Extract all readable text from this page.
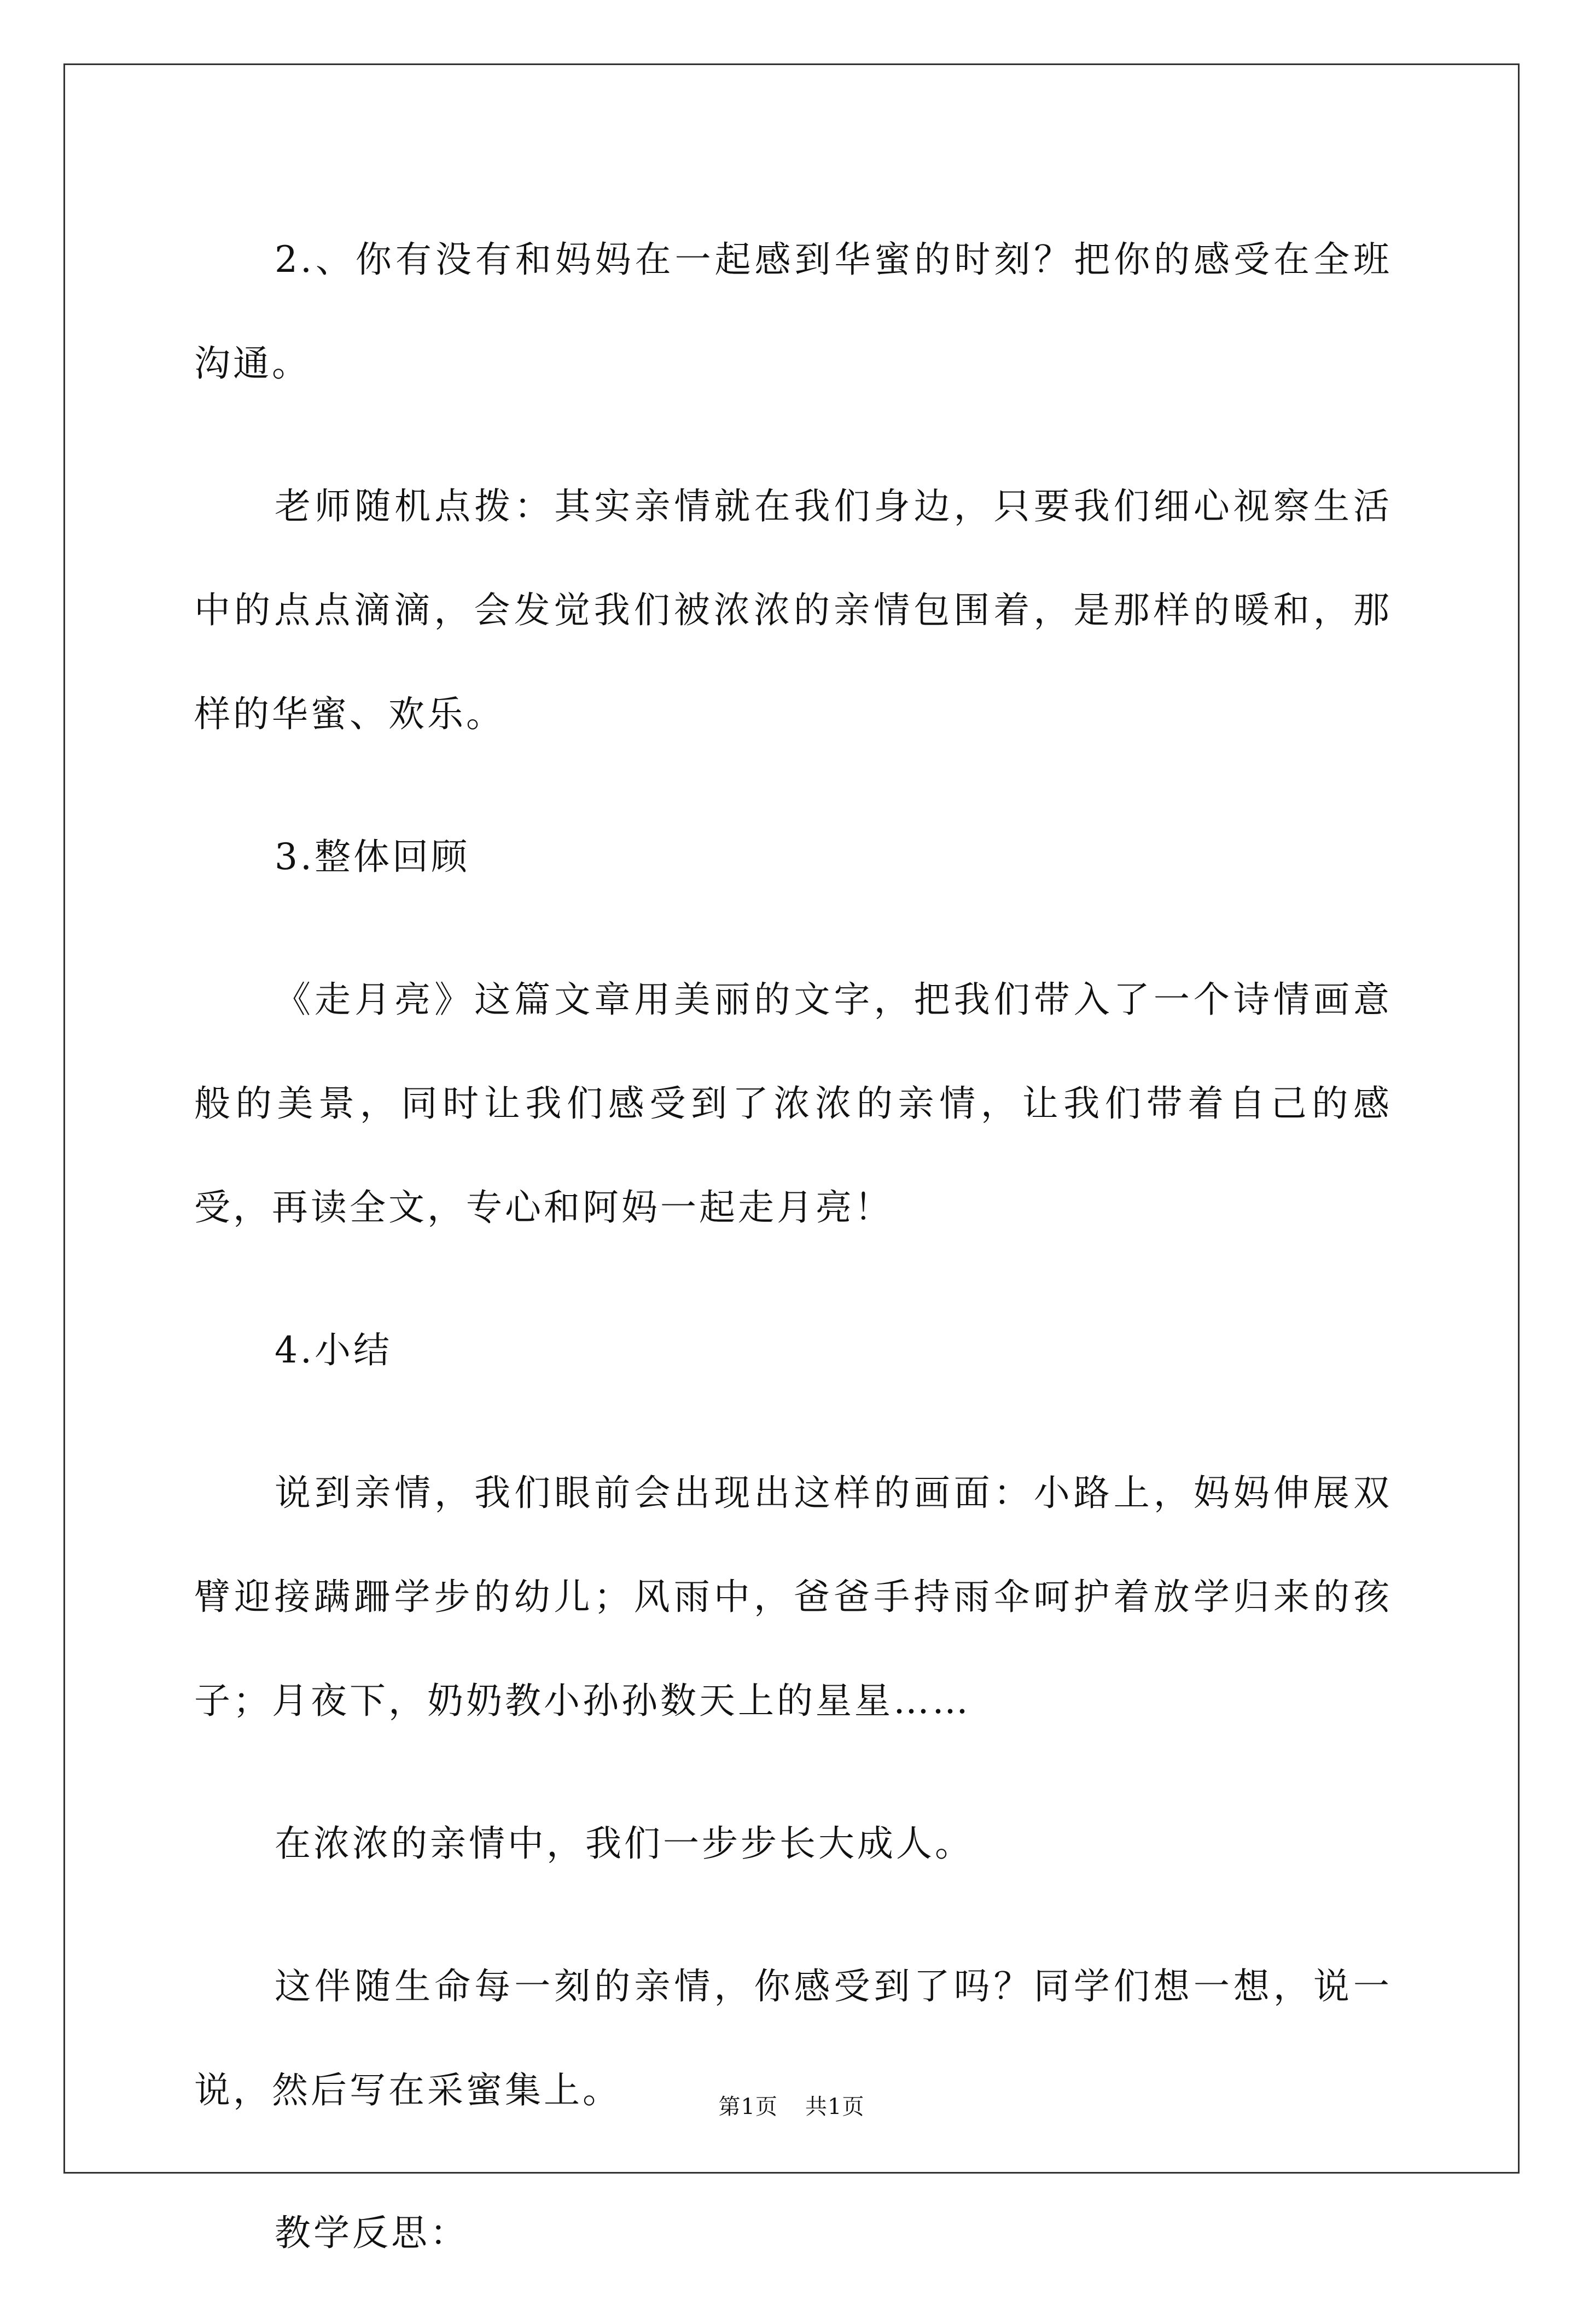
2.、你有没有和妈妈在一起感到华蜜的时刻？把你的感受在全班沟通。

老师随机点拨：其实亲情就在我们身边，只要我们细心视察生活中的点点滴滴，会发觉我们被浓浓的亲情包围着，是那样的暖和，那样的华蜜、欢乐。

3.整体回顾

《走月亮》这篇文章用美丽的文字，把我们带入了一个诗情画意般的美景，同时让我们感受到了浓浓的亲情，让我们带着自己的感受，再读全文，专心和阿妈一起走月亮！

4.小结

说到亲情，我们眼前会出现出这样的画面：小路上，妈妈伸展双臂迎接蹒跚学步的幼儿；风雨中，爸爸手持雨伞呵护着放学归来的孩子；月夜下，奶奶教小孙孙数天上的星星……

在浓浓的亲情中，我们一步步长大成人。

这伴随生命每一刻的亲情，你感受到了吗？同学们想一想，说一说，然后写在采蜜集上。

教学反思：

第1页 共1页
